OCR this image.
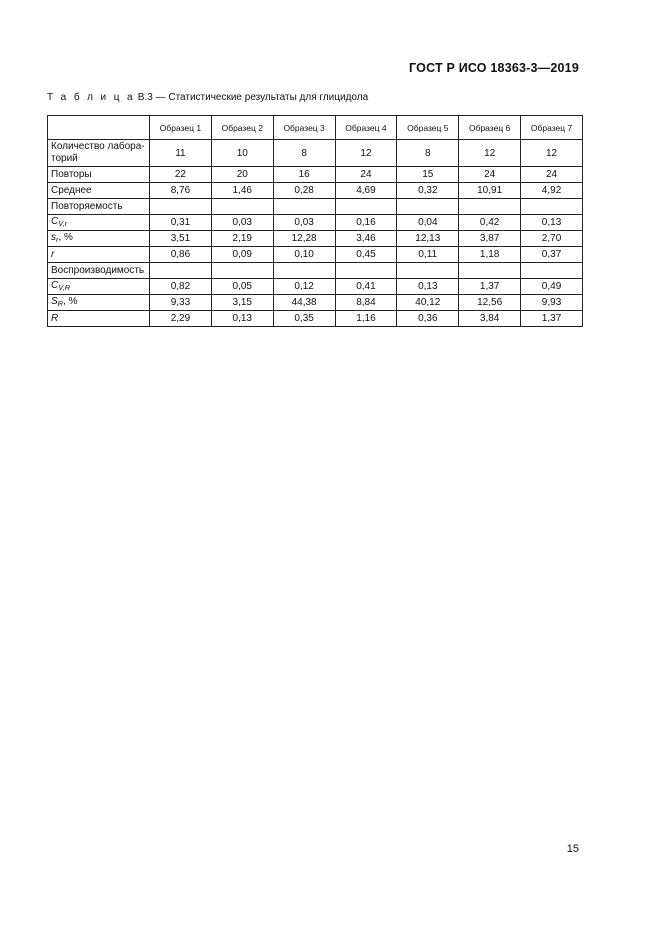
ГОСТ Р ИСО 18363-3—2019
Т а б л и ц а В.3 — Статистические результаты для глицидола
	Образец 1	Образец 2	Образец 3	Образец 4	Образец 5	Образец 6	Образец 7
Количество лабора-торий	11	10	8	12	8	12	12
Повторы	22	20	16	24	15	24	24
Среднее	8,76	1,46	0,28	4,69	0,32	10,91	4,92
Повторяемость							
$C_{V,r}$	0,31	0,03	0,03	0,16	0,04	0,42	0,13
$s_r$, %	3,51	2,19	12,28	3,46	12,13	3,87	2,70
r	0,86	0,09	0,10	0,45	0,11	1,18	0,37
Воспроизводимость							
$C_{V,R}$	0,82	0,05	0,12	0,41	0,13	1,37	0,49
$S_R$, %	9,33	3,15	44,38	8,84	40,12	12,56	9,93
R	2,29	0,13	0,35	1,16	0,36	3,84	1,37
15
